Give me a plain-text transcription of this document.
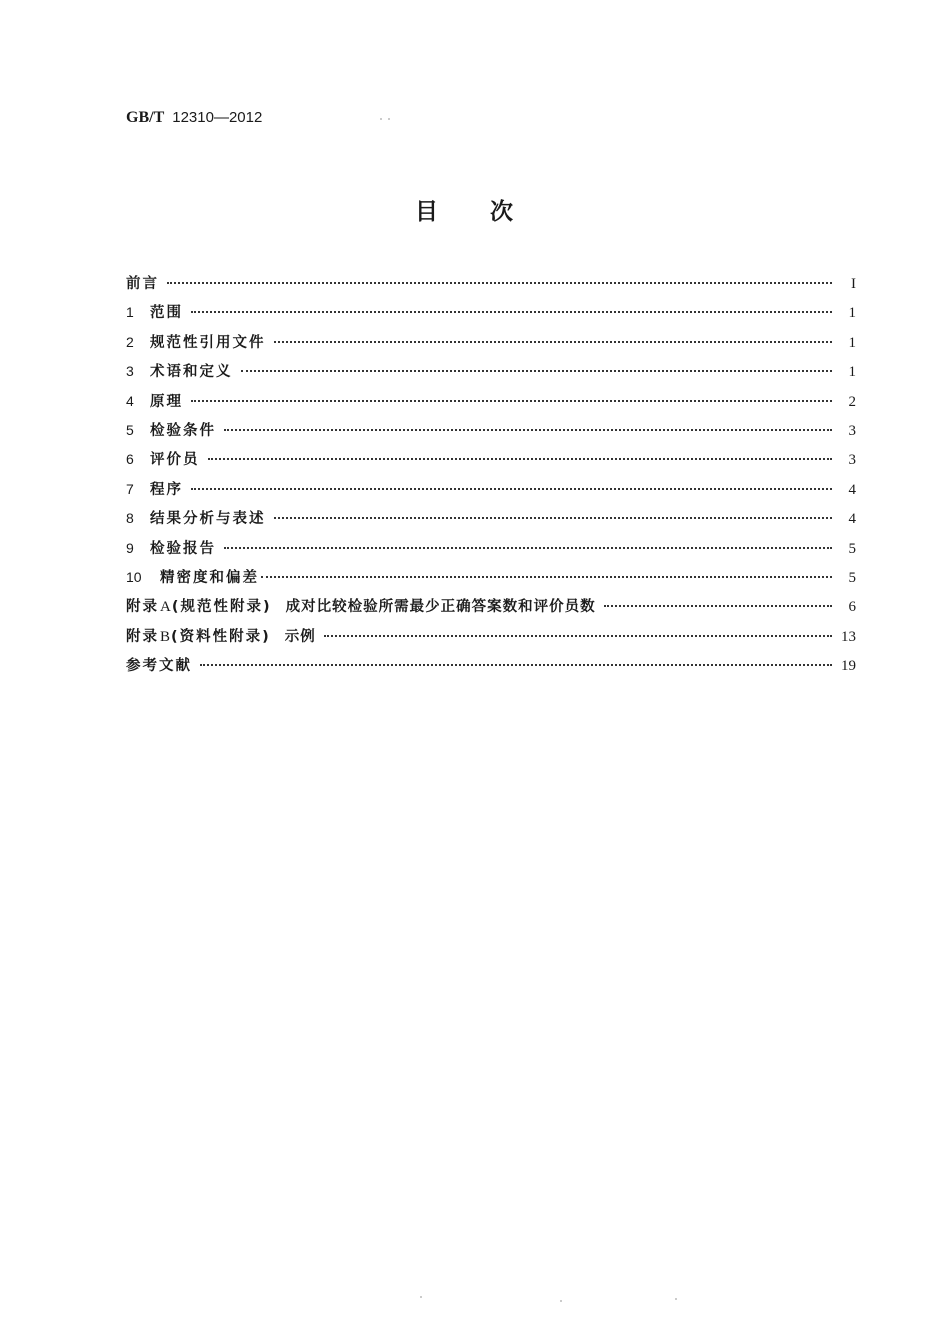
GB/T 12310—2012
目次
前言	I
1	范围	1
2	规范性引用文件	1
3	术语和定义	1
4	原理	2
5	检验条件	3
6	评价员	3
7	程序	4
8	结果分析与表述	4
9	检验报告	5
10	精密度和偏差	5
附录 A (规范性附录) 成对比较检验所需最少正确答案数和评价员数	6
附录 B (资料性附录) 示例	13
参考文献	19
